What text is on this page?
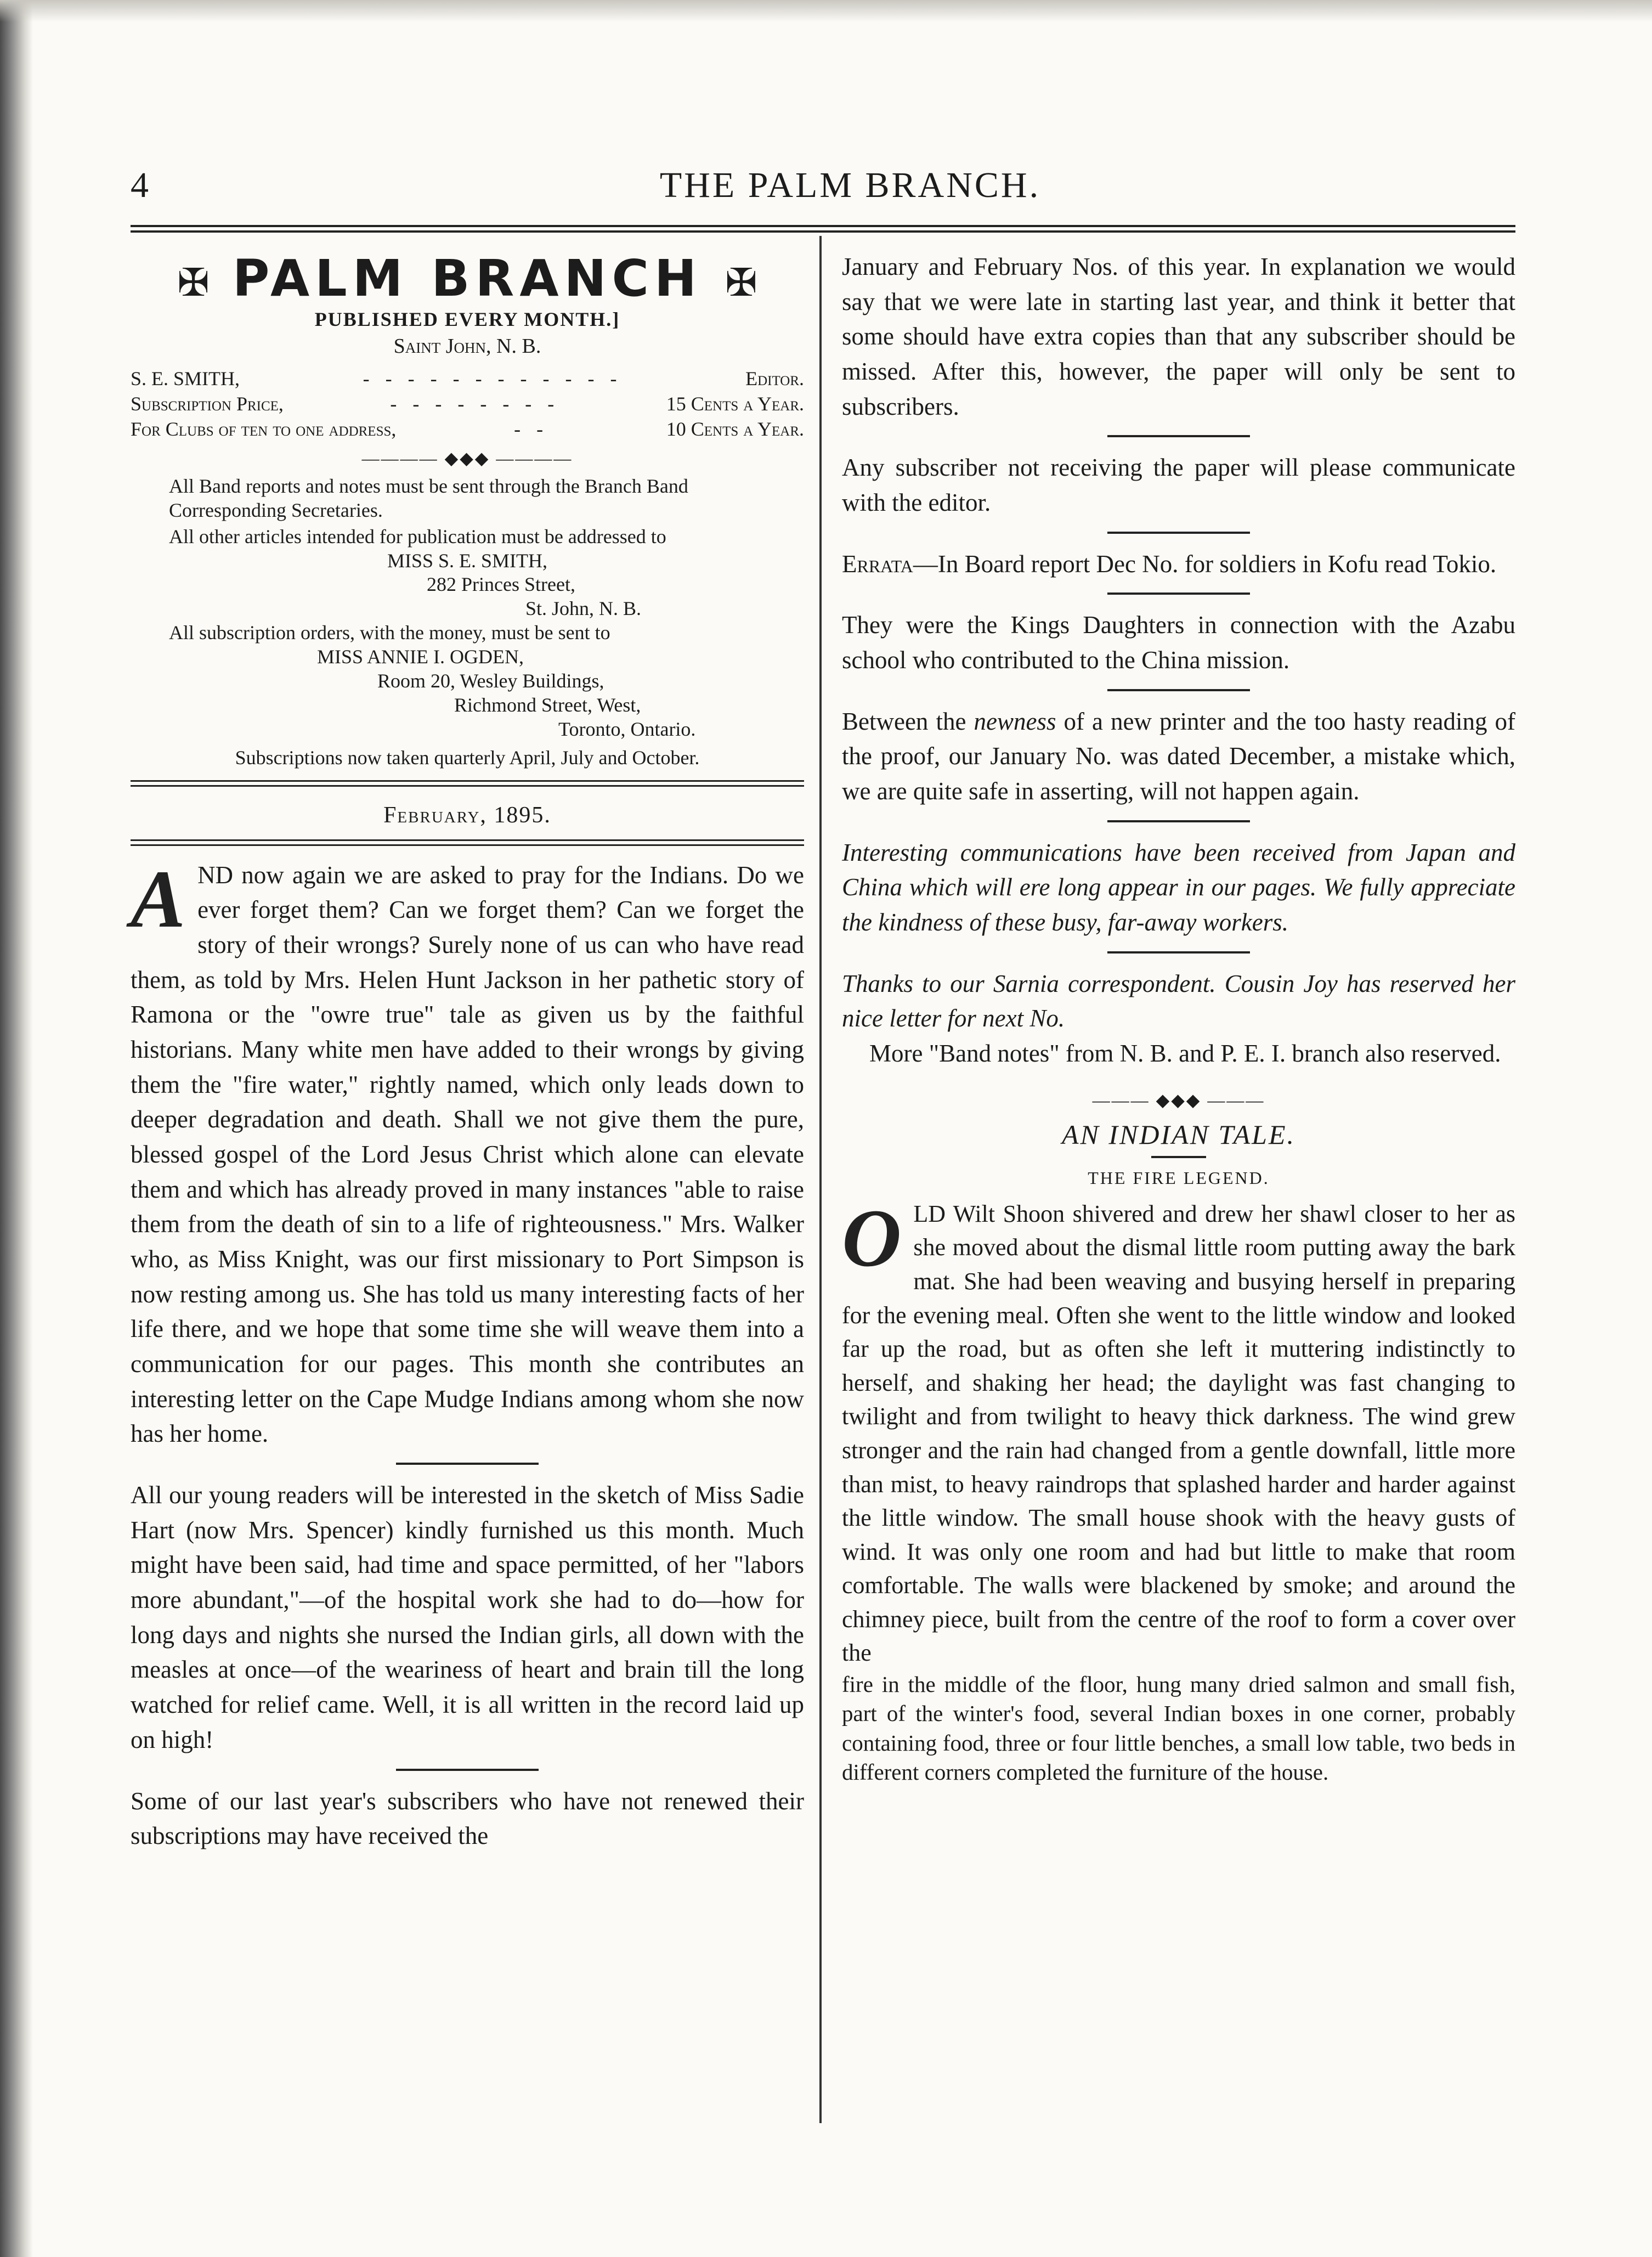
4	THE PALM BRANCH.
✠ PALM BRANCH ✠
PUBLISHED EVERY MONTH.]
Saint John, N. B.
S. E. SMITH,	- - - - - - - - - - - -	Editor.
Subscription Price,	- - - - - - - -	15 Cents a Year.
For Clubs of ten to one address,	- -	10 Cents a Year.
———— ◆◆◆ ————
All Band reports and notes must be sent through the Branch Band Corresponding Secretaries.
All other articles intended for publication must be addressed to
MISS S. E. SMITH,
282 Princes Street,
St. John, N. B.
All subscription orders, with the money, must be sent to
MISS ANNIE I. OGDEN,
Room 20, Wesley Buildings,
Richmond Street, West,
Toronto, Ontario.
Subscriptions now taken quarterly April, July and October.
February, 1895.

A ND now again we are asked to pray for the Indians. Do we ever forget them? Can we forget them? Can we forget the story of their wrongs? Surely none of us can who have read them, as told by Mrs. Helen Hunt Jackson in her pathetic story of Ramona or the "owre true" tale as given us by the faithful historians. Many white men have added to their wrongs by giving them the "fire water," rightly named, which only leads down to deeper degradation and death. Shall we not give them the pure, blessed gospel of the Lord Jesus Christ which alone can elevate them and which has already proved in many instances "able to raise them from the death of sin to a life of righteousness." Mrs. Walker who, as Miss Knight, was our first missionary to Port Simpson is now resting among us. She has told us many interesting facts of her life there, and we hope that some time she will weave them into a communication for our pages. This month she contributes an interesting letter on the Cape Mudge Indians among whom she now has her home.

All our young readers will be interested in the sketch of Miss Sadie Hart (now Mrs. Spencer) kindly furnished us this month. Much might have been said, had time and space permitted, of her "labors more abundant,"—of the hospital work she had to do—how for long days and nights she nursed the Indian girls, all down with the measles at once—of the weariness of heart and brain till the long watched for relief came. Well, it is all written in the record laid up on high!

Some of our last year's subscribers who have not renewed their subscriptions may have received the

January and February Nos. of this year. In explanation we would say that we were late in starting last year, and think it better that some should have extra copies than that any subscriber should be missed. After this, however, the paper will only be sent to subscribers.

Any subscriber not receiving the paper will please communicate with the editor.

Errata—In Board report Dec No. for soldiers in Kofu read Tokio.

They were the Kings Daughters in connection with the Azabu school who contributed to the China mission.

Between the newness of a new printer and the too hasty reading of the proof, our January No. was dated December, a mistake which, we are quite safe in asserting, will not happen again.

Interesting communications have been received from Japan and China which will ere long appear in our pages. We fully appreciate the kindness of these busy, far-away workers.

Thanks to our Sarnia correspondent. Cousin Joy has reserved her nice letter for next No.

More "Band notes" from N. B. and P. E. I. branch also reserved.

——— ◆◆◆ ———
AN INDIAN TALE.
THE FIRE LEGEND.

O LD Wilt Shoon shivered and drew her shawl closer to her as she moved about the dismal little room putting away the bark mat. She had been weaving and busying herself in preparing for the evening meal. Often she went to the little window and looked far up the road, but as often she left it muttering indistinctly to herself, and shaking her head; the daylight was fast changing to twilight and from twilight to heavy thick darkness. The wind grew stronger and the rain had changed from a gentle downfall, little more than mist, to heavy raindrops that splashed harder and harder against the little window. The small house shook with the heavy gusts of wind. It was only one room and had but little to make that room comfortable. The walls were blackened by smoke; and around the chimney piece, built from the centre of the roof to form a cover over the

fire in the middle of the floor, hung many dried salmon and small fish, part of the winter's food, several Indian boxes in one corner, probably containing food, three or four little benches, a small low table, two beds in different corners completed the furniture of the house.
